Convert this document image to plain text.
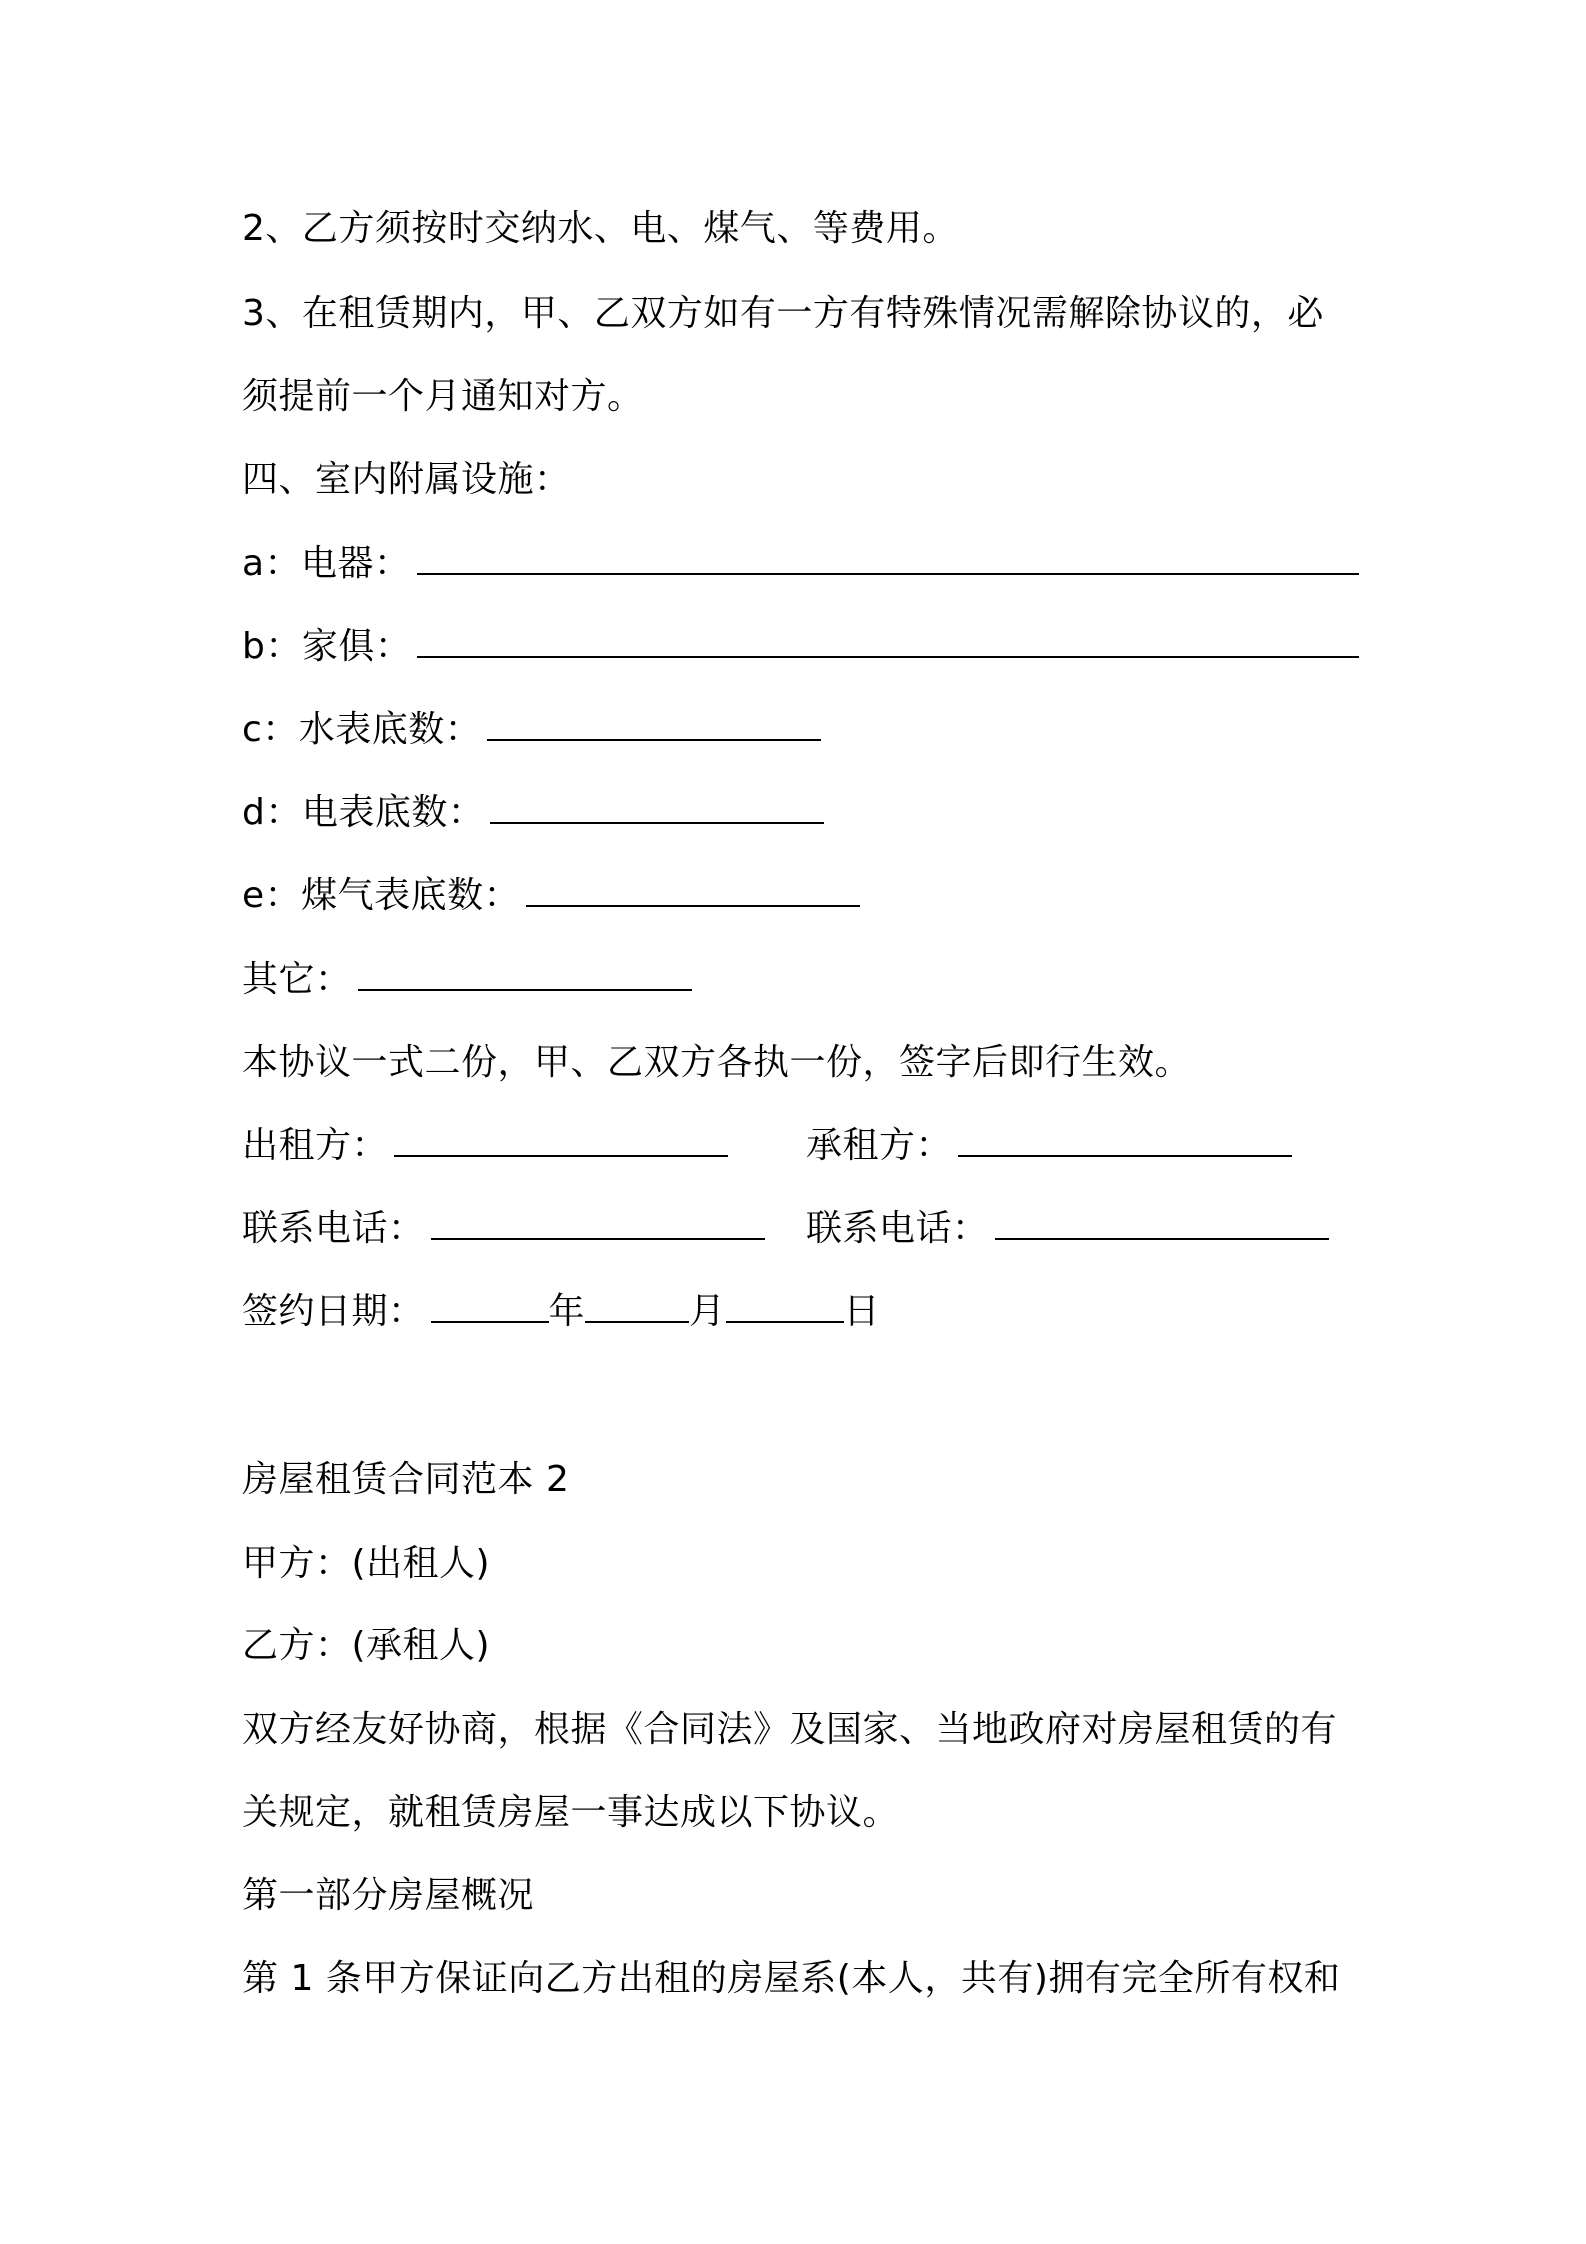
2、乙方须按时交纳水、电、煤气、等费用。
3、在租赁期内，甲、乙双方如有一方有特殊情况需解除协议的，必
须提前一个月通知对方。
四、室内附属设施：
a：电器：
b：家俱：
c：水表底数：
d：电表底数：
e：煤气表底数：
其它：
本协议一式二份，甲、乙双方各执一份，签字后即行生效。
出租方：	承租方：
联系电话：	联系电话：
签约日期：	年	月	日
房屋租赁合同范本 2
甲方：(出租人)
乙方：(承租人)
双方经友好协商，根据《合同法》及国家、当地政府对房屋租赁的有
关规定，就租赁房屋一事达成以下协议。
第一部分房屋概况
第 1 条甲方保证向乙方出租的房屋系(本人，共有)拥有完全所有权和
